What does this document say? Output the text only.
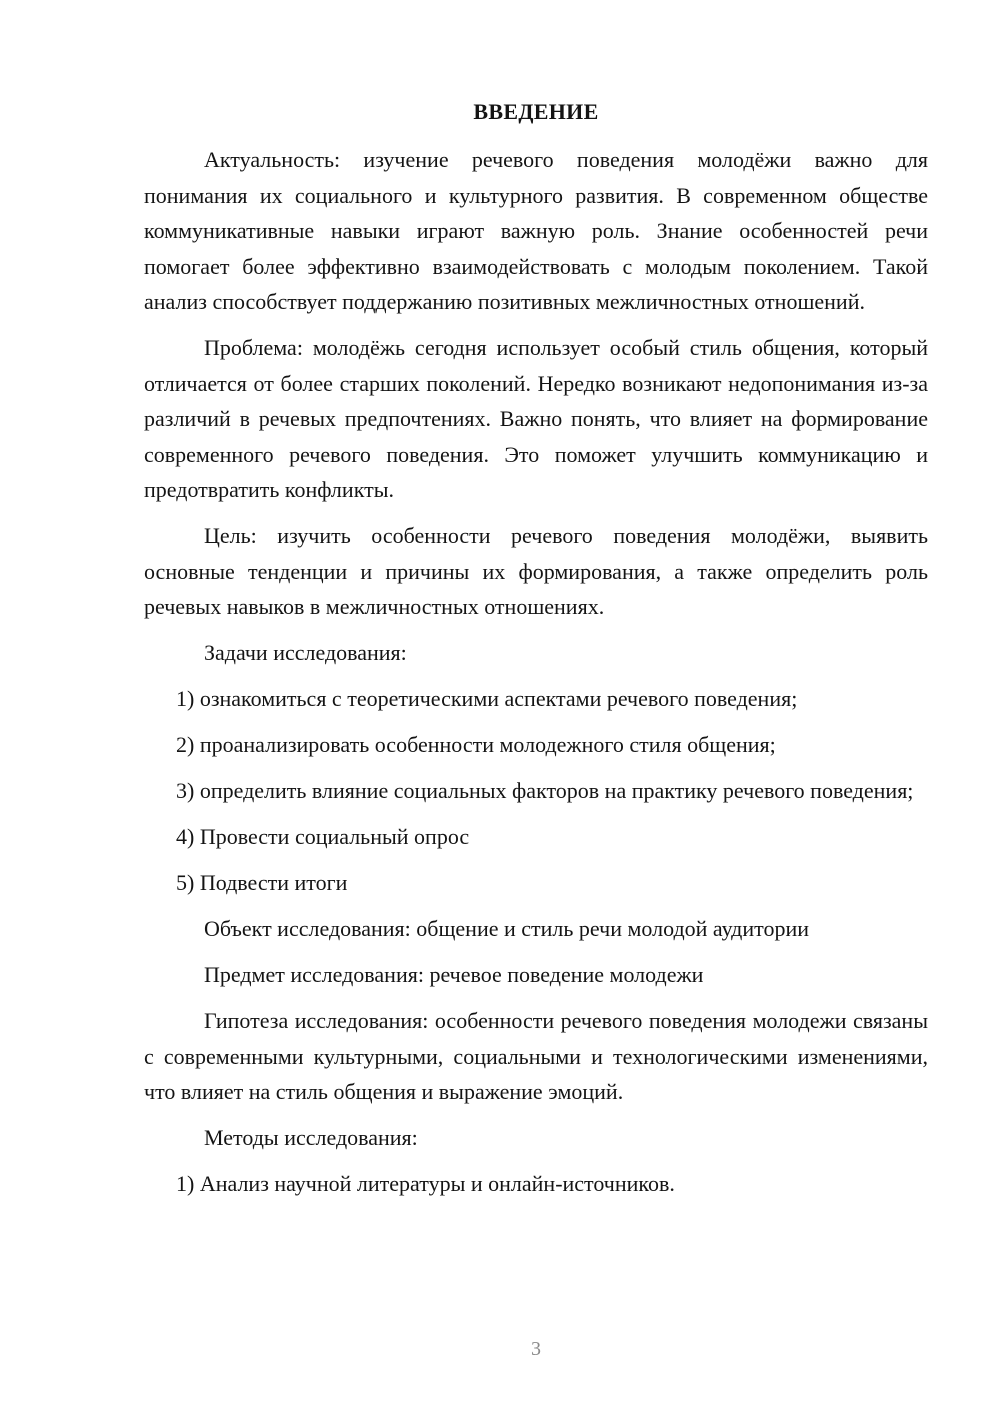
ВВЕДЕНИЕ

Актуальность: изучение речевого поведения молодёжи важно для понимания их социального и культурного развития. В современном обществе коммуникативные навыки играют важную роль. Знание особенностей речи помогает более эффективно взаимодействовать с молодым поколением. Такой анализ способствует поддержанию позитивных межличностных отношений.

Проблема: молодёжь сегодня использует особый стиль общения, который отличается от более старших поколений. Нередко возникают недопонимания из-за различий в речевых предпочтениях. Важно понять, что влияет на формирование современного речевого поведения. Это поможет улучшить коммуникацию и предотвратить конфликты.

Цель: изучить особенности речевого поведения молодёжи, выявить основные тенденции и причины их формирования, а также определить роль речевых навыков в межличностных отношениях.

Задачи исследования:

1) ознакомиться с теоретическими аспектами речевого поведения;

2) проанализировать особенности молодежного стиля общения;

3) определить влияние социальных факторов на практику речевого поведения;

4) Провести социальный опрос

5) Подвести итоги

Объект исследования: общение и стиль речи молодой аудитории

Предмет исследования: речевое поведение молодежи

Гипотеза исследования: особенности речевого поведения молодежи связаны с современными культурными, социальными и технологическими изменениями, что влияет на стиль общения и выражение эмоций.

Методы исследования:

1) Анализ научной литературы и онлайн-источников.

3
